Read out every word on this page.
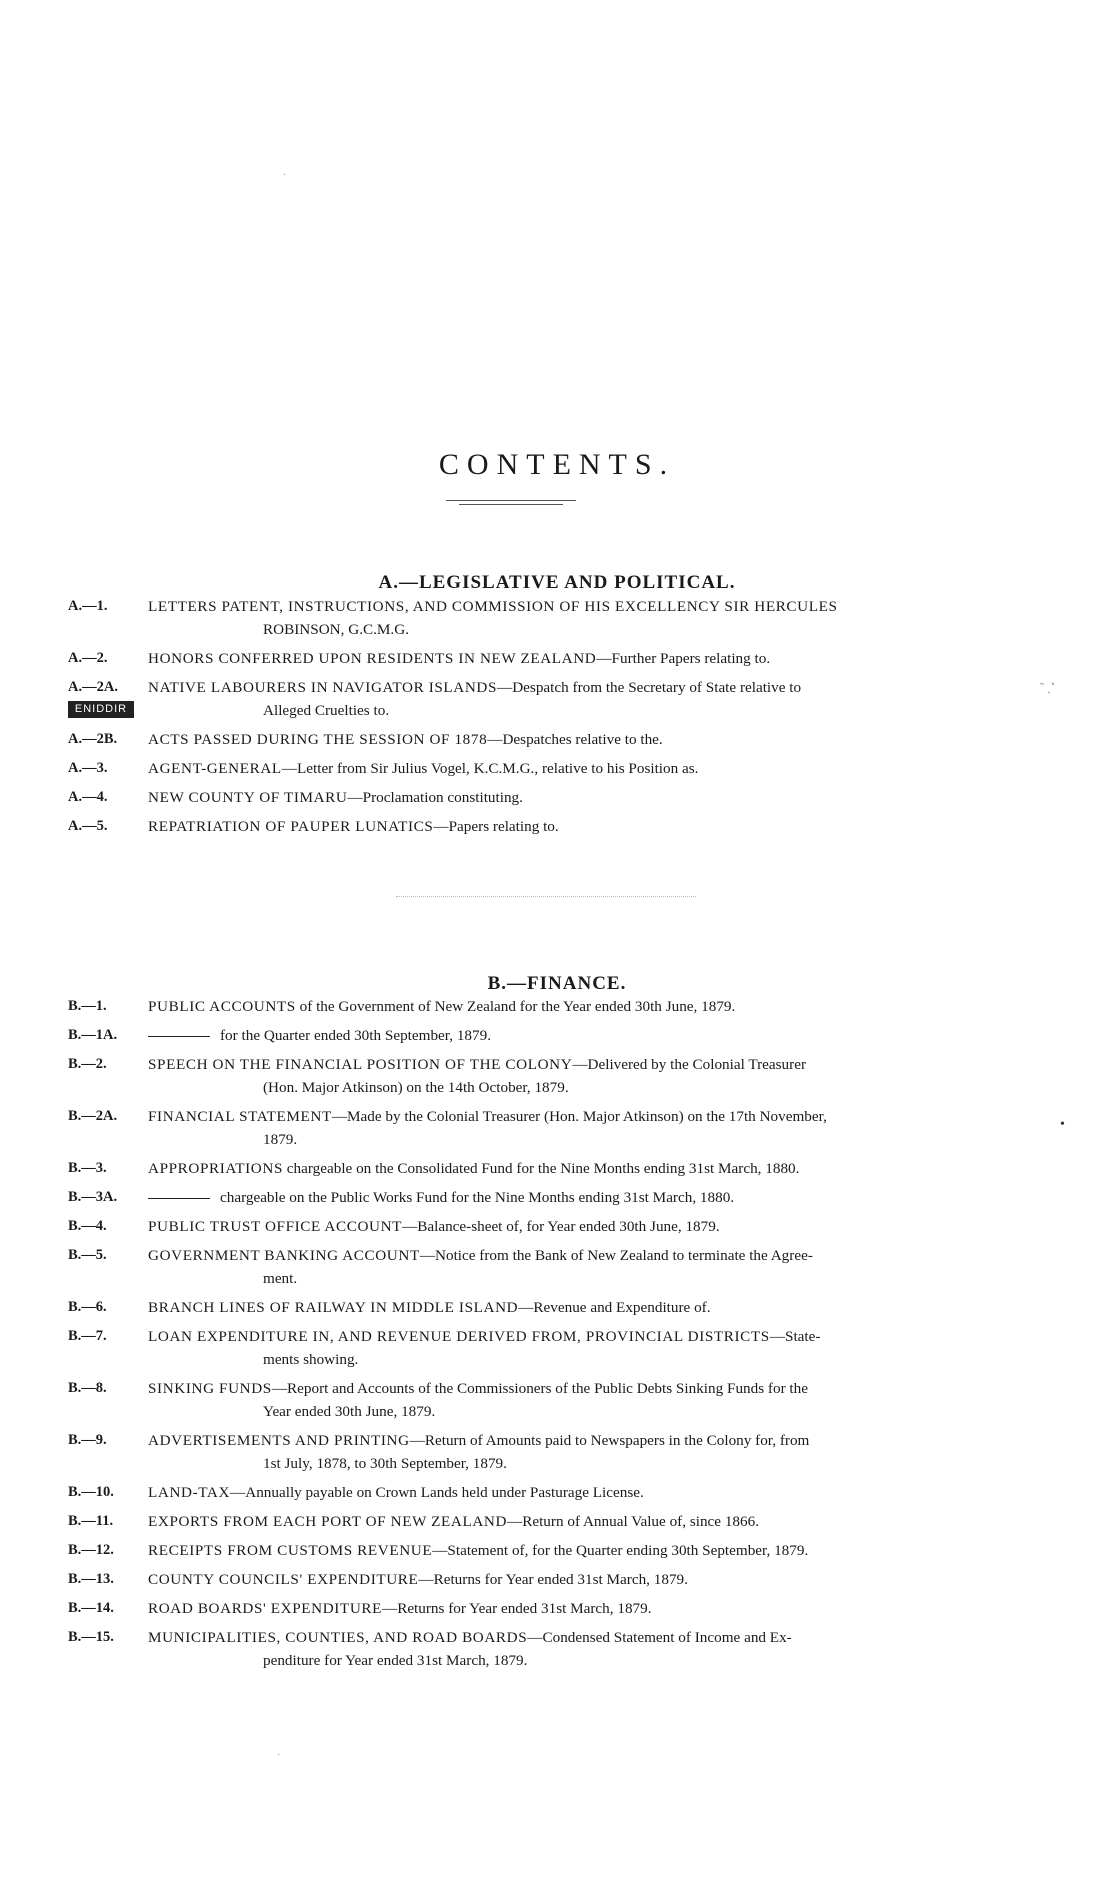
·
CONTENTS.
A.—LEGISLATIVE AND POLITICAL.
A.—1.	LETTERS PATENT, INSTRUCTIONS, AND COMMISSION OF HIS EXCELLENCY SIR HERCULES
ROBINSON, G.C.M.G.
A.—2.	HONORS CONFERRED UPON RESIDENTS IN NEW ZEALAND—Further Papers relating to.
A.—2A.	NATIVE LABOURERS IN NAVIGATOR ISLANDS—Despatch from the Secretary of State relative to
Alleged Cruelties to.
A.—2B.	ACTS PASSED DURING THE SESSION OF 1878—Despatches relative to the.
A.—3.	AGENT-GENERAL—Letter from Sir Julius Vogel, K.C.M.G., relative to his Position as.
A.—4.	NEW COUNTY OF TIMARU—Proclamation constituting.
A.—5.	REPATRIATION OF PAUPER LUNATICS—Papers relating to.
ENIDDIR
˜ ˏ˚
B.—FINANCE.
B.—1.	PUBLIC ACCOUNTS of the Government of New Zealand for the Year ended 30th June, 1879.
B.—1A.	for the Quarter ended 30th September, 1879.
B.—2.	SPEECH ON THE FINANCIAL POSITION OF THE COLONY—Delivered by the Colonial Treasurer
(Hon. Major Atkinson) on the 14th October, 1879.
B.—2A.	FINANCIAL STATEMENT—Made by the Colonial Treasurer (Hon. Major Atkinson) on the 17th November,
1879.
B.—3.	APPROPRIATIONS chargeable on the Consolidated Fund for the Nine Months ending 31st March, 1880.
B.—3A.	chargeable on the Public Works Fund for the Nine Months ending 31st March, 1880.
B.—4.	PUBLIC TRUST OFFICE ACCOUNT—Balance-sheet of, for Year ended 30th June, 1879.
B.—5.	GOVERNMENT BANKING ACCOUNT—Notice from the Bank of New Zealand to terminate the Agree-
ment.
B.—6.	BRANCH LINES OF RAILWAY IN MIDDLE ISLAND—Revenue and Expenditure of.
B.—7.	LOAN EXPENDITURE IN, AND REVENUE DERIVED FROM, PROVINCIAL DISTRICTS—State-
ments showing.
B.—8.	SINKING FUNDS—Report and Accounts of the Commissioners of the Public Debts Sinking Funds for the
Year ended 30th June, 1879.
B.—9.	ADVERTISEMENTS AND PRINTING—Return of Amounts paid to Newspapers in the Colony for, from
1st July, 1878, to 30th September, 1879.
B.—10.	LAND-TAX—Annually payable on Crown Lands held under Pasturage License.
B.—11.	EXPORTS FROM EACH PORT OF NEW ZEALAND—Return of Annual Value of, since 1866.
B.—12.	RECEIPTS FROM CUSTOMS REVENUE—Statement of, for the Quarter ending 30th September, 1879.
B.—13.	COUNTY COUNCILS' EXPENDITURE—Returns for Year ended 31st March, 1879.
B.—14.	ROAD BOARDS' EXPENDITURE—Returns for Year ended 31st March, 1879.
B.—15.	MUNICIPALITIES, COUNTIES, AND ROAD BOARDS—Condensed Statement of Income and Ex-
penditure for Year ended 31st March, 1879.
•
·
